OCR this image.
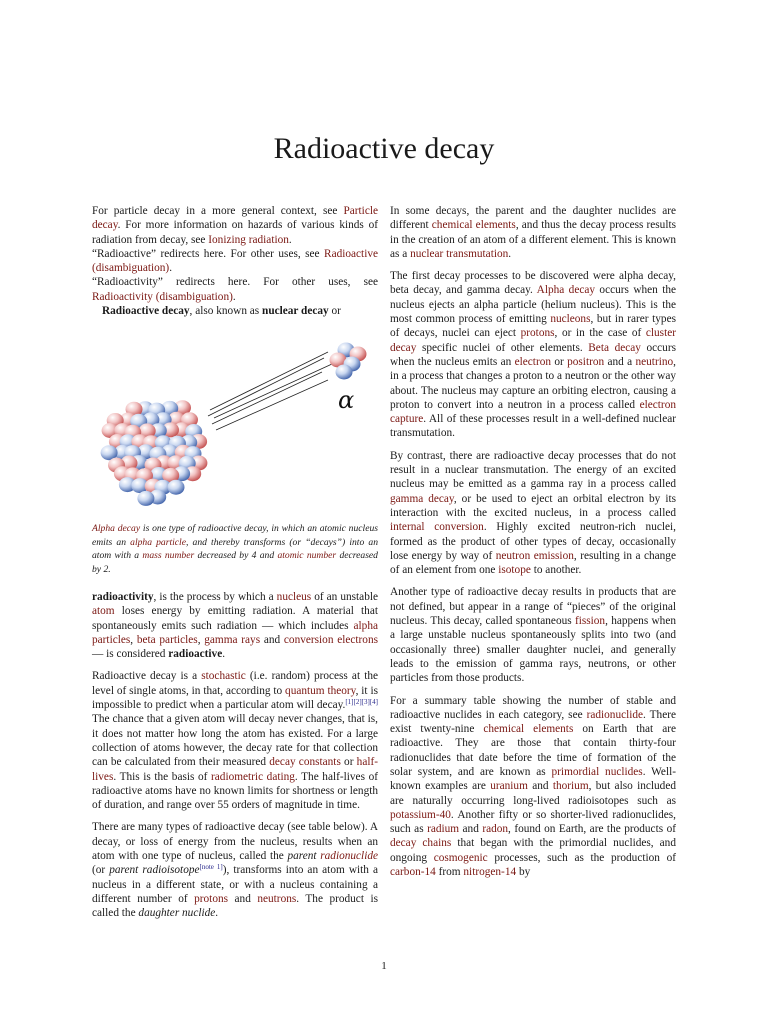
Radioactive decay

For particle decay in a more general context, see Particle decay. For more information on hazards of various kinds of radiation from decay, see Ionizing radiation.

“Radioactive” redirects here. For other uses, see Radioactive (disambiguation).

“Radioactivity” redirects here. For other uses, see Radioactivity (disambiguation).

Radioactive decay, also known as nuclear decay or

α
Alpha decay is one type of radioactive decay, in which an atomic nucleus emits an alpha particle, and thereby transforms (or “decays”) into an atom with a mass number decreased by 4 and atomic number decreased by 2.

radioactivity, is the process by which a nucleus of an unstable atom loses energy by emitting radiation. A material that spontaneously emits such radiation — which includes alpha particles, beta particles, gamma rays and conversion electrons — is considered radioactive.

Radioactive decay is a stochastic (i.e. random) process at the level of single atoms, in that, according to quantum theory, it is impossible to predict when a particular atom will decay.[1][2][3][4] The chance that a given atom will decay never changes, that is, it does not matter how long the atom has existed. For a large collection of atoms however, the decay rate for that collection can be calculated from their measured decay constants or half-lives. This is the basis of radiometric dating. The half-lives of radioactive atoms have no known limits for shortness or length of duration, and range over 55 orders of magnitude in time.

There are many types of radioactive decay (see table below). A decay, or loss of energy from the nucleus, results when an atom with one type of nucleus, called the parent radionuclide (or parent radioisotope[note 1]), transforms into an atom with a nucleus in a different state, or with a nucleus containing a different number of protons and neutrons. The product is called the daughter nuclide.

In some decays, the parent and the daughter nuclides are different chemical elements, and thus the decay process results in the creation of an atom of a different element. This is known as a nuclear transmutation.

The first decay processes to be discovered were alpha decay, beta decay, and gamma decay. Alpha decay occurs when the nucleus ejects an alpha particle (helium nucleus). This is the most common process of emitting nucleons, but in rarer types of decays, nuclei can eject protons, or in the case of cluster decay specific nuclei of other elements. Beta decay occurs when the nucleus emits an electron or positron and a neutrino, in a process that changes a proton to a neutron or the other way about. The nucleus may capture an orbiting electron, causing a proton to convert into a neutron in a process called electron capture. All of these processes result in a well-defined nuclear transmutation.

By contrast, there are radioactive decay processes that do not result in a nuclear transmutation. The energy of an excited nucleus may be emitted as a gamma ray in a process called gamma decay, or be used to eject an orbital electron by its interaction with the excited nucleus, in a process called internal conversion. Highly excited neutron-rich nuclei, formed as the product of other types of decay, occasionally lose energy by way of neutron emission, resulting in a change of an element from one isotope to another.

Another type of radioactive decay results in products that are not defined, but appear in a range of “pieces” of the original nucleus. This decay, called spontaneous fission, happens when a large unstable nucleus spontaneously splits into two (and occasionally three) smaller daughter nuclei, and generally leads to the emission of gamma rays, neutrons, or other particles from those products.

For a summary table showing the number of stable and radioactive nuclides in each category, see radionuclide. There exist twenty-nine chemical elements on Earth that are radioactive. They are those that contain thirty-four radionuclides that date before the time of formation of the solar system, and are known as primordial nuclides. Well-known examples are uranium and thorium, but also included are naturally occurring long-lived radioisotopes such as potassium-40. Another fifty or so shorter-lived radionuclides, such as radium and radon, found on Earth, are the products of decay chains that began with the primordial nuclides, and ongoing cosmogenic processes, such as the production of carbon-14 from nitrogen-14 by

1
